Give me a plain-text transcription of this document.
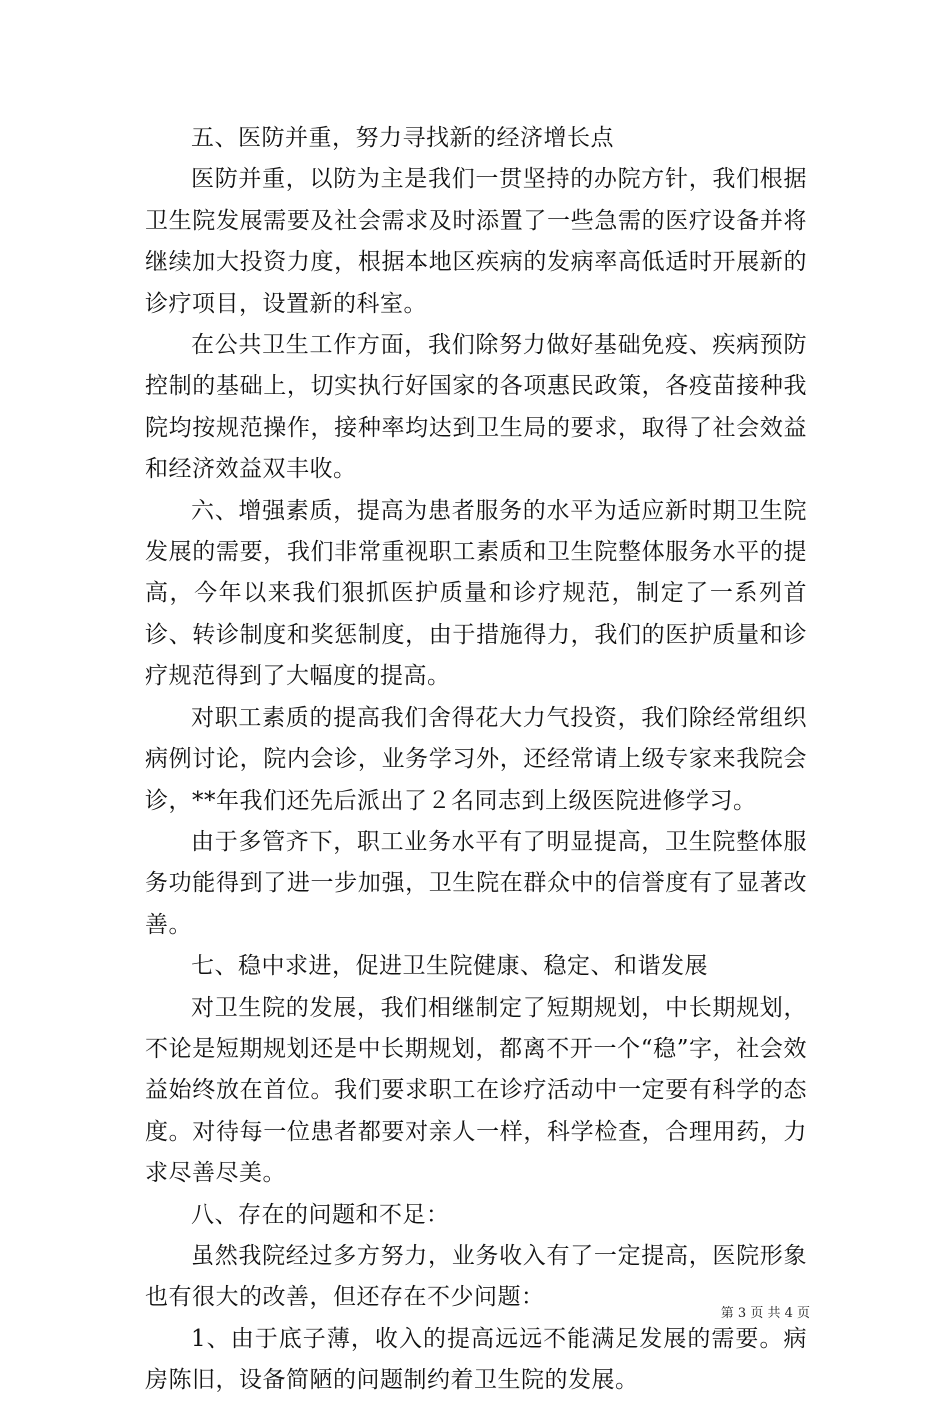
五、医防并重，努力寻找新的经济增长点

医防并重，以防为主是我们一贯坚持的办院方针，我们根据卫生院发展需要及社会需求及时添置了一些急需的医疗设备并将继续加大投资力度，根据本地区疾病的发病率高低适时开展新的诊疗项目，设置新的科室。

在公共卫生工作方面，我们除努力做好基础免疫、疾病预防控制的基础上，切实执行好国家的各项惠民政策，各疫苗接种我院均按规范操作，接种率均达到卫生局的要求，取得了社会效益和经济效益双丰收。

六、增强素质，提高为患者服务的水平为适应新时期卫生院发展的需要，我们非常重视职工素质和卫生院整体服务水平的提高，今年以来我们狠抓医护质量和诊疗规范，制定了一系列首诊、转诊制度和奖惩制度，由于措施得力，我们的医护质量和诊疗规范得到了大幅度的提高。

对职工素质的提高我们舍得花大力气投资，我们除经常组织病例讨论，院内会诊，业务学习外，还经常请上级专家来我院会诊，**年我们还先后派出了２名同志到上级医院进修学习。

由于多管齐下，职工业务水平有了明显提高，卫生院整体服务功能得到了进一步加强，卫生院在群众中的信誉度有了显著改善。

七、稳中求进，促进卫生院健康、稳定、和谐发展

对卫生院的发展，我们相继制定了短期规划，中长期规划，不论是短期规划还是中长期规划，都离不开一个“稳”字，社会效益始终放在首位。我们要求职工在诊疗活动中一定要有科学的态度。对待每一位患者都要对亲人一样，科学检查，合理用药，力求尽善尽美。

八、存在的问题和不足：

虽然我院经过多方努力，业务收入有了一定提高，医院形象也有很大的改善，但还存在不少问题：

1、由于底子薄，收入的提高远远不能满足发展的需要。病房陈旧，设备简陋的问题制约着卫生院的发展。

第 3 页 共 4 页
